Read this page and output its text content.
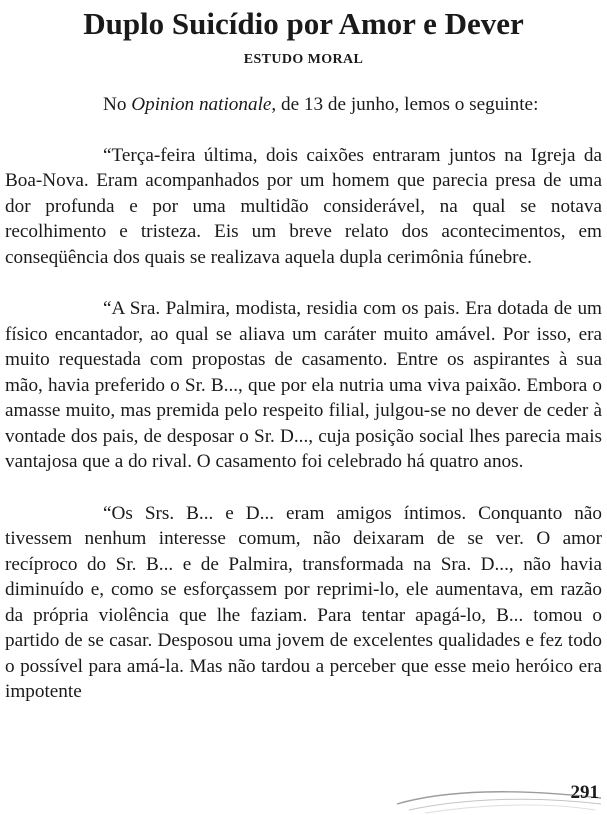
Duplo Suicídio por Amor e Dever
ESTUDO MORAL

No Opinion nationale, de 13 de junho, lemos o seguinte:

“Terça-feira última, dois caixões entraram juntos na Igreja da Boa-Nova. Eram acompanhados por um homem que parecia presa de uma dor profunda e por uma multidão considerável, na qual se notava recolhimento e tristeza. Eis um breve relato dos acontecimentos, em conseqüência dos quais se realizava aquela dupla cerimônia fúnebre.

“A Sra. Palmira, modista, residia com os pais. Era dotada de um físico encantador, ao qual se aliava um caráter muito amável. Por isso, era muito requestada com propostas de casamento. Entre os aspirantes à sua mão, havia preferido o Sr. B..., que por ela nutria uma viva paixão. Embora o amasse muito, mas premida pelo respeito filial, julgou-se no dever de ceder à vontade dos pais, de desposar o Sr. D..., cuja posição social lhes parecia mais vantajosa que a do rival. O casamento foi celebrado há quatro anos.

“Os Srs. B... e D... eram amigos íntimos. Conquanto não tivessem nenhum interesse comum, não deixaram de se ver. O amor recíproco do Sr. B... e de Palmira, transformada na Sra. D..., não havia diminuído e, como se esforçassem por reprimi-lo, ele aumentava, em razão da própria violência que lhe faziam. Para tentar apagá-lo, B... tomou o partido de se casar. Desposou uma jovem de excelentes qualidades e fez todo o possível para amá-la. Mas não tardou a perceber que esse meio heróico era impotente

291
